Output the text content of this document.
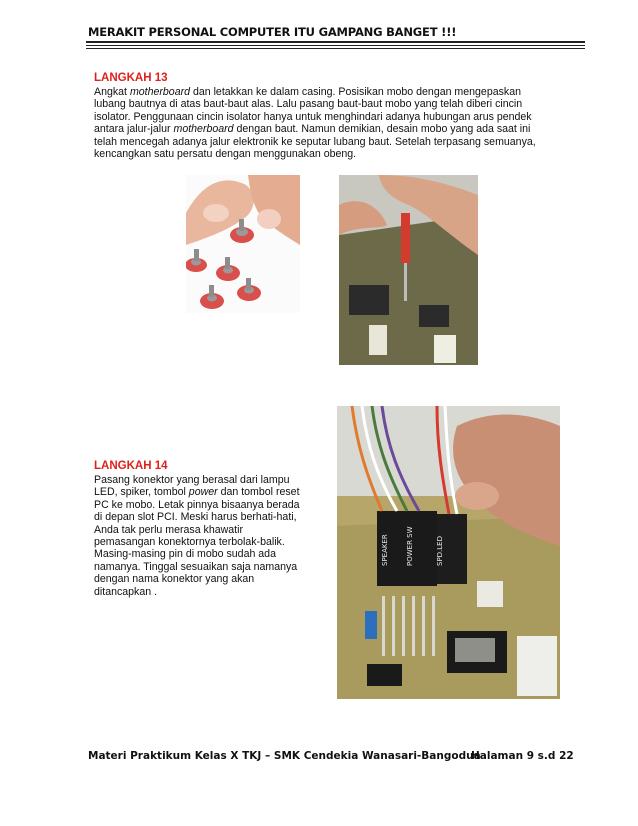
MERAKIT PERSONAL COMPUTER ITU GAMPANG BANGET !!!
LANGKAH 13
Angkat motherboard dan letakkan ke dalam casing. Posisikan mobo dengan mengepaskan
lubang bautnya di atas baut-baut alas. Lalu pasang baut-baut mobo yang telah diberi cincin
isolator. Penggunaan cincin isolator hanya untuk menghindari adanya hubungan arus pendek
antara jalur-jalur motherboard dengan baut. Namun demikian, desain mobo yang ada saat ini
telah mencegah adanya jalur elektronik ke seputar lubang baut. Setelah terpasang semuanya,
kencangkan satu persatu dengan menggunakan obeng.
LANGKAH 14
Pasang konektor yang berasal dari lampu
LED, spiker, tombol power dan tombol reset
PC ke mobo. Letak pinnya bisaanya berada
di depan slot PCI. Meski harus berhati-hati,
Anda tak perlu merasa khawatir
pemasangan konektornya terbolak-balik.
Masing-masing pin di mobo sudah ada
namanya. Tinggal sesuaikan saja namanya
dengan nama konektor yang akan
ditancapkan .
SPEAKER POWER SW	SPD.LED
Materi Praktikum Kelas X TKJ – SMK Cendekia Wanasari-Bangodua
Halaman 9 s.d 22
